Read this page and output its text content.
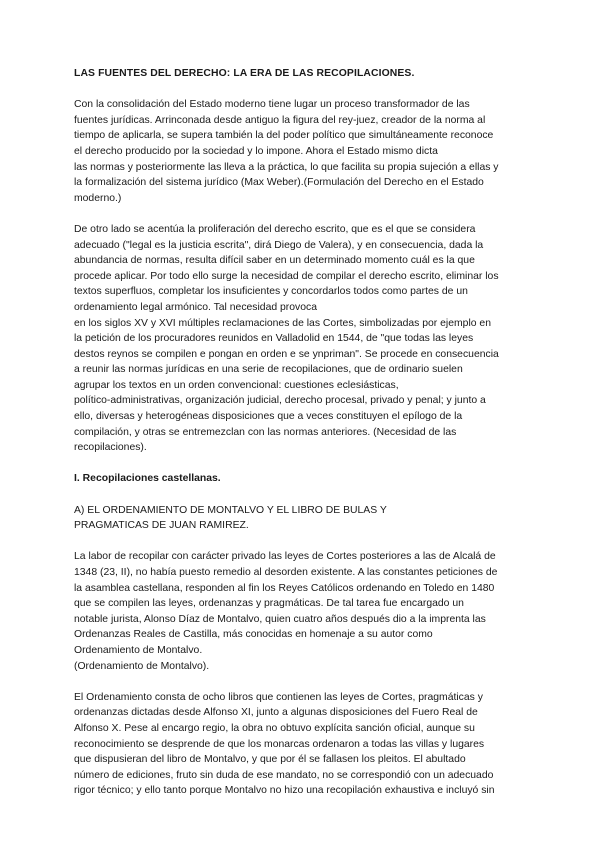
LAS FUENTES DEL DERECHO: LA ERA DE LAS RECOPILACIONES.
Con la consolidación del Estado moderno tiene lugar un proceso transformador de las
fuentes jurídicas. Arrinconada desde antiguo la figura del rey-juez, creador de la norma al
tiempo de aplicarla, se supera también la del poder político que simultáneamente reconoce
el derecho producido por la sociedad y lo impone. Ahora el Estado mismo dicta
las normas y posteriormente las lleva a la práctica, lo que facilita su propia sujeción a ellas y
la formalización del sistema jurídico (Max Weber).(Formulación del Derecho en el Estado
moderno.)
De otro lado se acentúa la proliferación del derecho escrito, que es el que se considera
adecuado ("legal es la justicia escrita", dirá Diego de Valera), y en consecuencia, dada la
abundancia de normas, resulta difícil saber en un determinado momento cuál es la que
procede aplicar. Por todo ello surge la necesidad de compilar el derecho escrito, eliminar los
textos superfluos, completar los insuficientes y concordarlos todos como partes de un
ordenamiento legal armónico. Tal necesidad provoca
en los siglos XV y XVI múltiples reclamaciones de las Cortes, simbolizadas por ejemplo en
la petición de los procuradores reunidos en Valladolid en 1544, de "que todas las leyes
destos reynos se compilen e pongan en orden e se ynpriman". Se procede en consecuencia
a reunir las normas jurídicas en una serie de recopilaciones, que de ordinario suelen
agrupar los textos en un orden convencional: cuestiones eclesiásticas,
político-administrativas, organización judicial, derecho procesal, privado y penal; y junto a
ello, diversas y heterogéneas disposiciones que a veces constituyen el epílogo de la
compilación, y otras se entremezclan con las normas anteriores. (Necesidad de las
recopilaciones).
I. Recopilaciones castellanas.
A) EL ORDENAMIENTO DE MONTALVO Y EL LIBRO DE BULAS Y
PRAGMATICAS DE JUAN RAMIREZ.
La labor de recopilar con carácter privado las leyes de Cortes posteriores a las de Alcalá de
1348 (23, II), no había puesto remedio al desorden existente. A las constantes peticiones de
la asamblea castellana, responden al fin los Reyes Católicos ordenando en Toledo en 1480
que se compilen las leyes, ordenanzas y pragmáticas. De tal tarea fue encargado un
notable jurista, Alonso Díaz de Montalvo, quien cuatro años después dio a la imprenta las
Ordenanzas Reales de Castilla, más conocidas en homenaje a su autor como
Ordenamiento de Montalvo.
(Ordenamiento de Montalvo).
El Ordenamiento consta de ocho libros que contienen las leyes de Cortes, pragmáticas y
ordenanzas dictadas desde Alfonso XI, junto a algunas disposiciones del Fuero Real de
Alfonso X. Pese al encargo regio, la obra no obtuvo explícita sanción oficial, aunque su
reconocimiento se desprende de que los monarcas ordenaron a todas las villas y lugares
que dispusieran del libro de Montalvo, y que por él se fallasen los pleitos. El abultado
número de ediciones, fruto sin duda de ese mandato, no se correspondió con un adecuado
rigor técnico; y ello tanto porque Montalvo no hizo una recopilación exhaustiva e incluyó sin
